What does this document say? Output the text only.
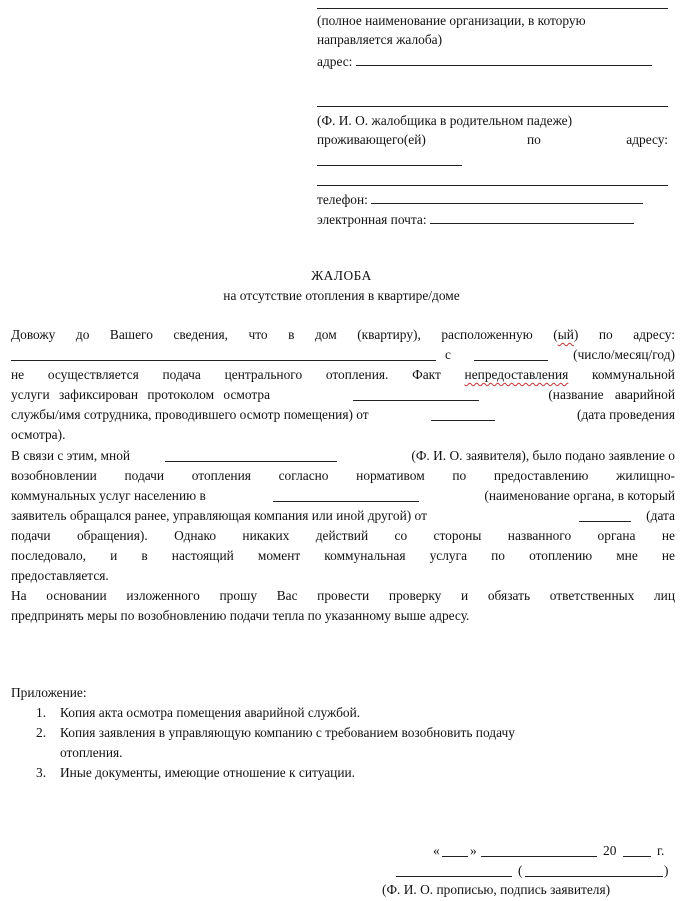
(полное наименование организации, в которую
направляется жалоба)
адрес:
(Ф. И. О. жалобщика в родительном падеже)
проживающего(ей)	по	адресу:
телефон:
электронная почта:
ЖАЛОБА
на отсутствие отопления в квартире/доме
Довожу до Вашего сведения, что в дом (квартиру), расположенную (ый) по адресу:
с	(число/месяц/год)
не осуществляется подача центрального отопления. Факт непредоставления коммунальной
услуги зафиксирован протоколом осмотра	(название аварийной
службы/имя сотрудника, проводившего осмотр помещения) от	(дата проведения
осмотра).
В связи с этим, мной	(Ф. И. О. заявителя), было подано заявление о
возобновлении подачи отопления согласно нормативом по предоставлению жилищно-
коммунальных услуг населению в	(наименование органа, в который
заявитель обращался ранее, управляющая компания или иной другой) от	(дата
подачи обращения). Однако никаких действий со стороны названного органа не
последовало, и в настоящий момент коммунальная услуга по отоплению мне не
предоставляется.
На основании изложенного прошу Вас провести проверку и обязать ответственных лиц
предпринять меры по возобновлению подачи тепла по указанному выше адресу.
Приложение:
1. Копия акта осмотра помещения аварийной службой.
2. Копия заявления в управляющую компанию с требованием возобновить подачу
отопления.
3. Иные документы, имеющие отношение к ситуации.
« »	20	г.
(	)
(Ф. И. О. прописью, подпись заявителя)
